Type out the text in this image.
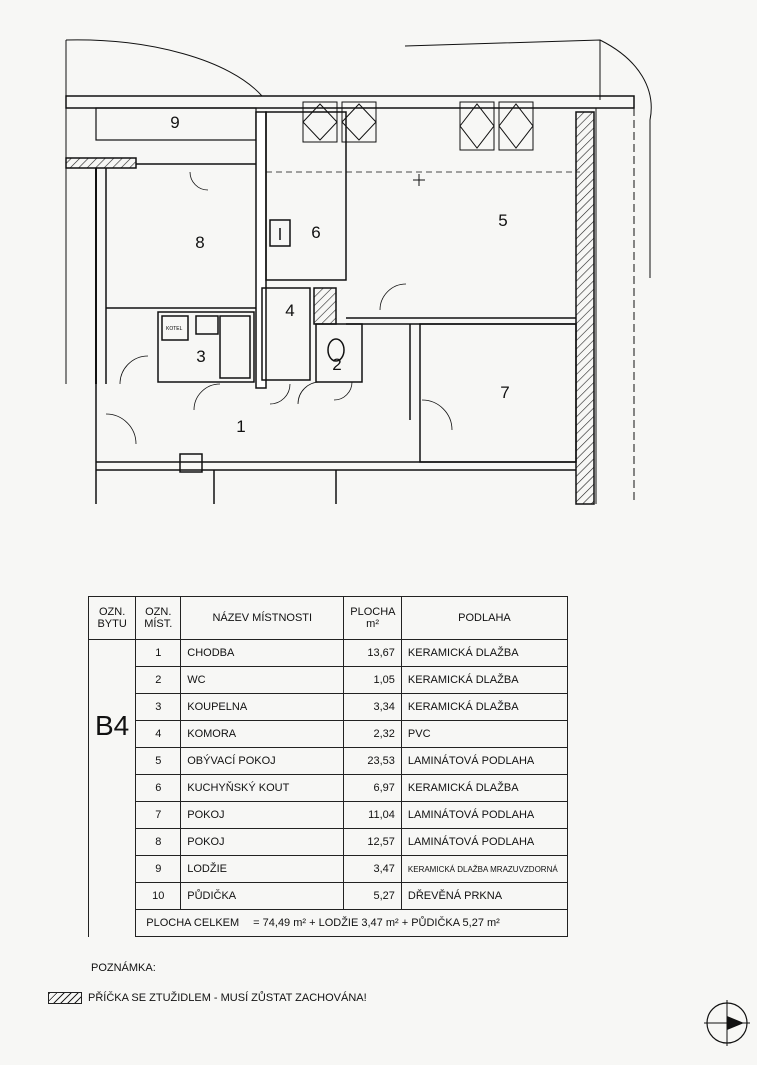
9
8
6
5
4
3	2
1
7
KOTEL
OZN. BYTU	OZN. MÍST.	NÁZEV MÍSTNOSTI	PLOCHA m²	PODLAHA
B4	1	CHODBA	13,67	KERAMICKÁ DLAŽBA
	2	WC	1,05	KERAMICKÁ DLAŽBA
	3	KOUPELNA	3,34	KERAMICKÁ DLAŽBA
	4	KOMORA	2,32	PVC
	5	OBÝVACÍ POKOJ	23,53	LAMINÁTOVÁ PODLAHA
	6	KUCHYŇSKÝ KOUT	6,97	KERAMICKÁ DLAŽBA
	7	POKOJ	11,04	LAMINÁTOVÁ PODLAHA
	8	POKOJ	12,57	LAMINÁTOVÁ PODLAHA
	9	LODŽIE	3,47	KERAMICKÁ DLAŽBA MRAZUVZDORNÁ
	10	PŮDIČKA	5,27	DŘEVĚNÁ PRKNA
	PLOCHA CELKEM = 74,49 m² + LODŽIE 3,47 m² + PŮDIČKA 5,27 m²			
POZNÁMKA:
PŘÍČKA SE ZTUŽIDLEM - MUSÍ ZŮSTAT ZACHOVÁNA!
